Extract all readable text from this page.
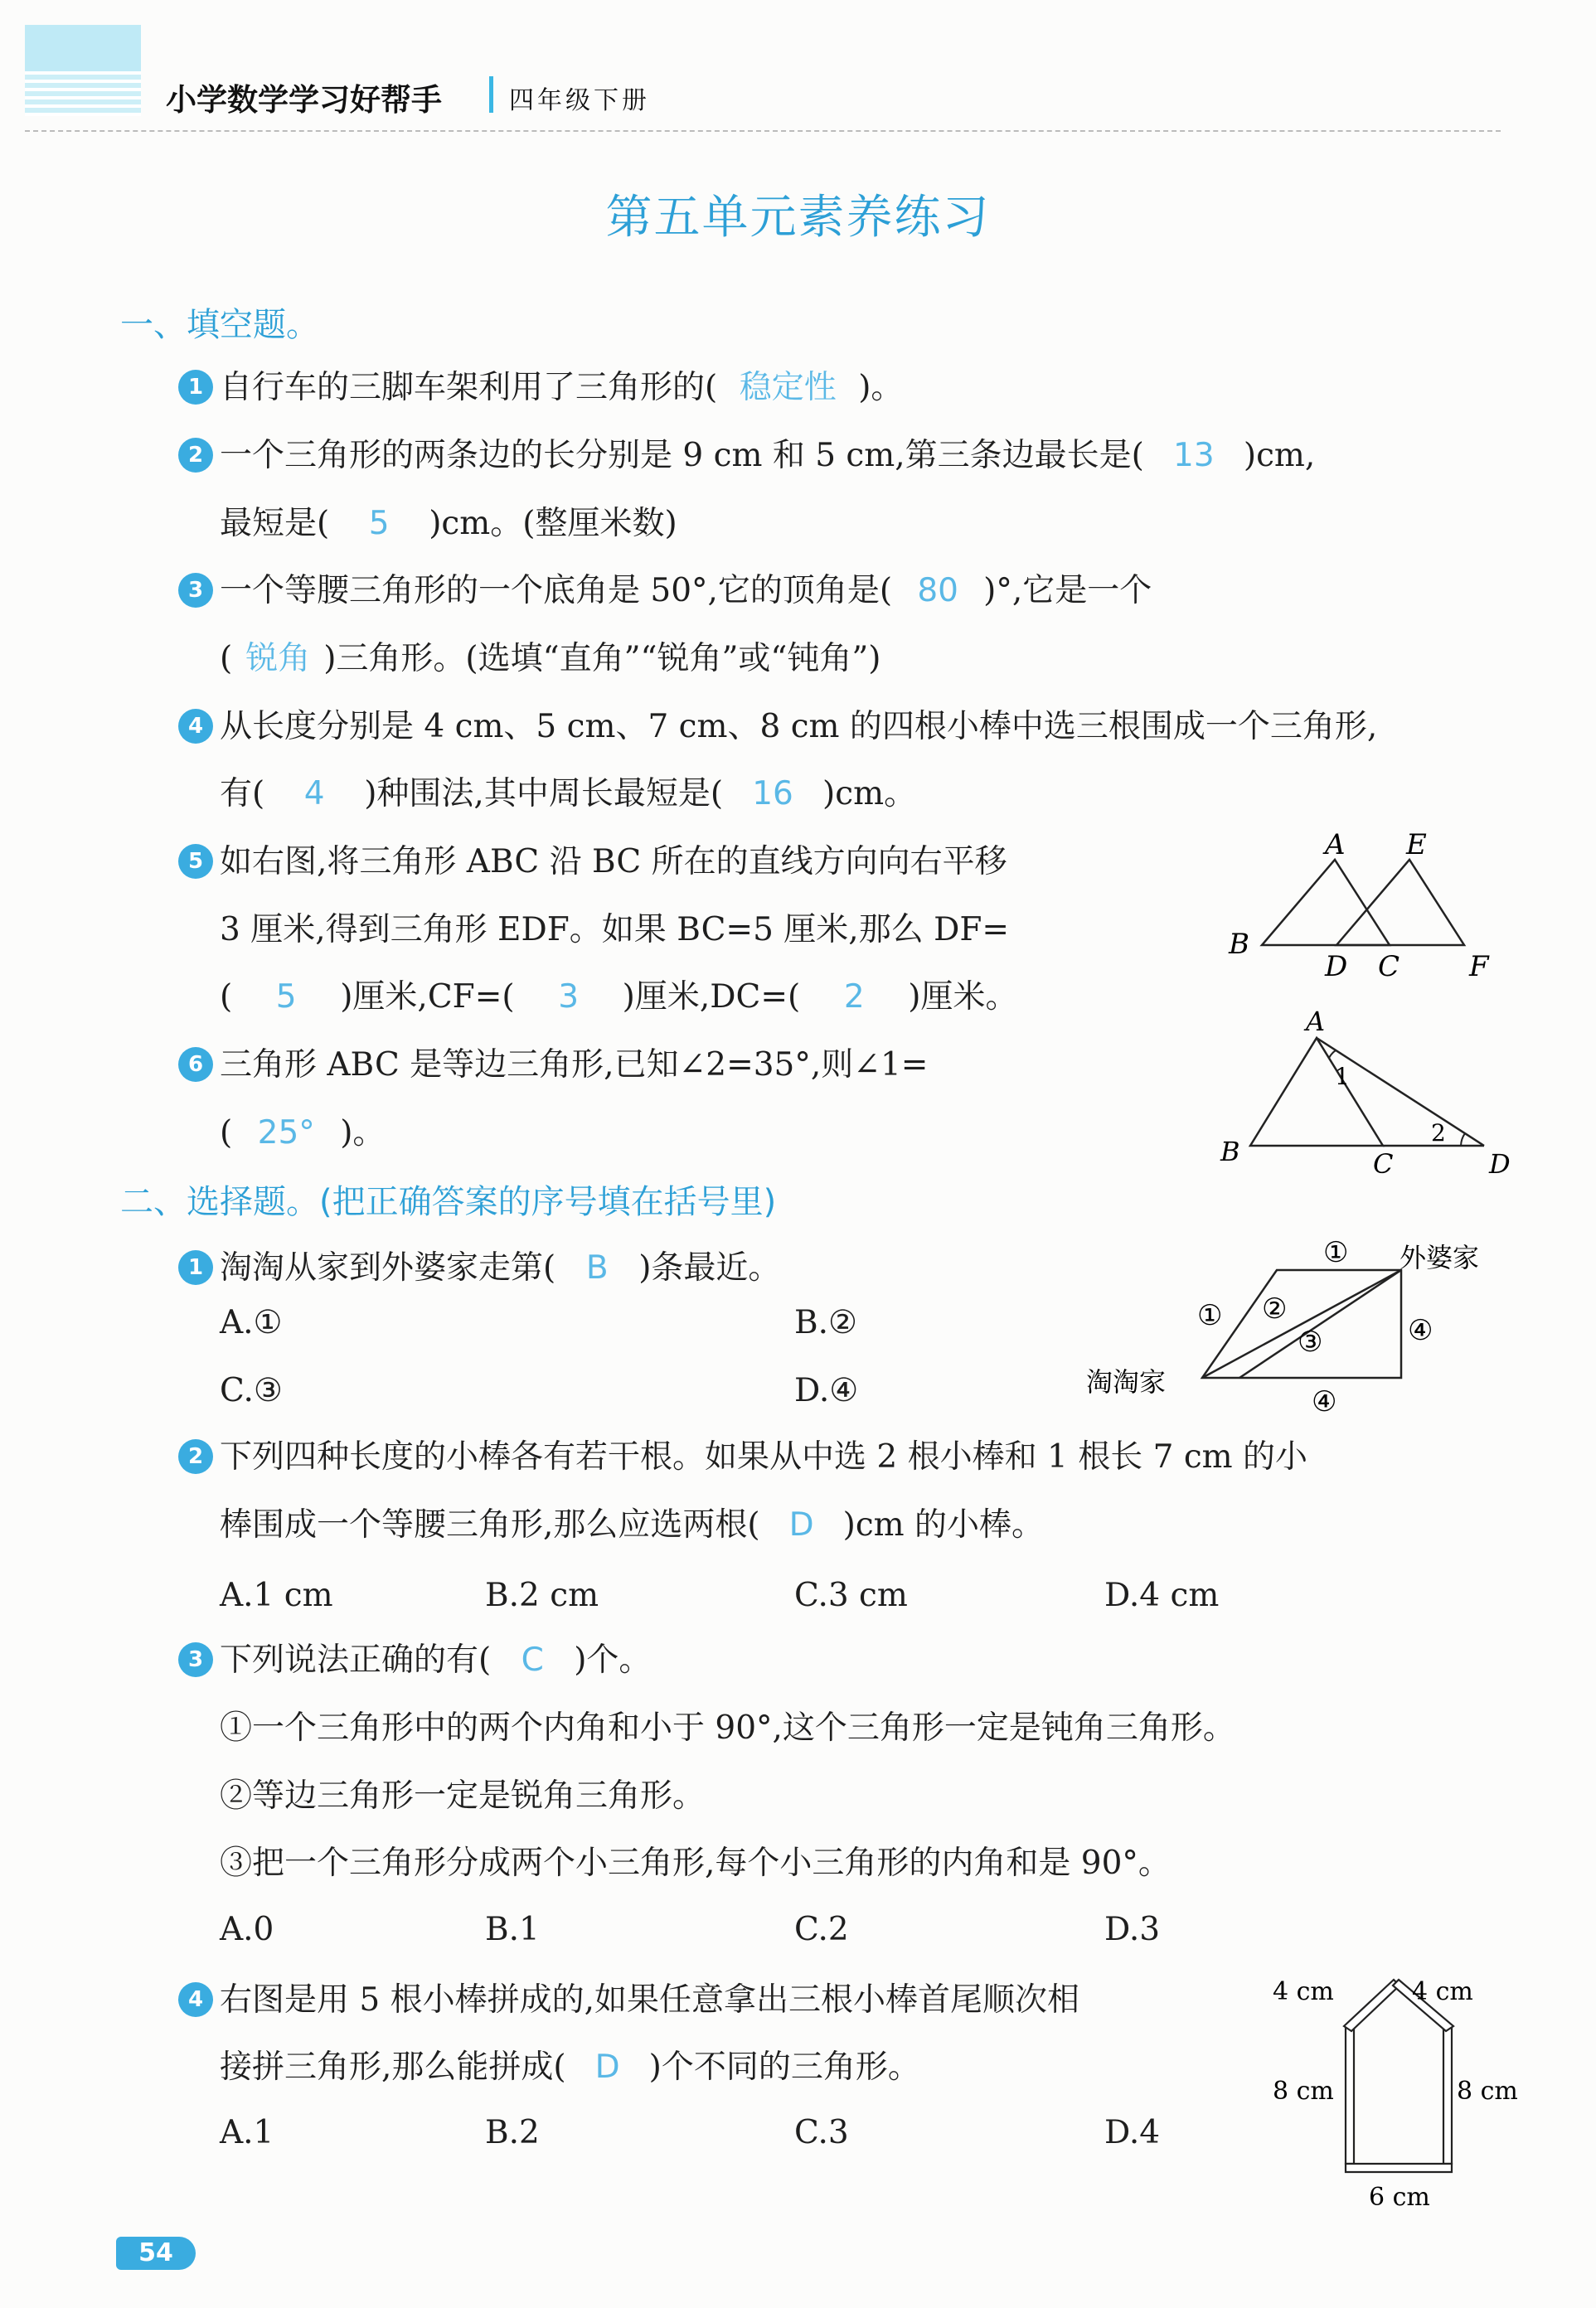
小学数学学习好帮手	四年级下册
第五单元素养练习
一、填空题。
1 自行车的三脚车架利用了三角形的( 稳定性 )。
2 一个三角形的两条边的长分别是 9 cm 和 5 cm,第三条边最长是( 13 )cm,
最短是( 5 )cm。(整厘米数)
3 一个等腰三角形的一个底角是 50°,它的顶角是( 80 )°,它是一个
( 锐角 )三角形。(选填“直角”“锐角”或“钝角”)
4 从长度分别是 4 cm、5 cm、7 cm、8 cm 的四根小棒中选三根围成一个三角形,
有( 4 )种围法,其中周长最短是( 16 )cm。
5 如右图,将三角形 ABC 沿 BC 所在的直线方向向右平移
3 厘米,得到三角形 EDF。如果 BC=5 厘米,那么 DF=
( 5 )厘米,CF=( 3 )厘米,DC=( 2 )厘米。
A E
B
D C F
6 三角形 ABC 是等边三角形,已知∠2=35°,则∠1=
( 25° )。
A
B	C	D
1
2
二、选择题。(把正确答案的序号填在括号里)
1 淘淘从家到外婆家走第( B )条最近。
A.①	B.②
C.③	D.④
①
① ②
③	④
④
淘淘家
外婆家
2 下列四种长度的小棒各有若干根。如果从中选 2 根小棒和 1 根长 7 cm 的小
棒围成一个等腰三角形,那么应选两根( D )cm 的小棒。
A.1 cm	B.2 cm	C.3 cm	D.4 cm
3 下列说法正确的有( C )个。
①一个三角形中的两个内角和小于 90°,这个三角形一定是钝角三角形。
②等边三角形一定是锐角三角形。
③把一个三角形分成两个小三角形,每个小三角形的内角和是 90°。
A.0	B.1	C.2	D.3
4 右图是用 5 根小棒拼成的,如果任意拿出三根小棒首尾顺次相
接拼三角形,那么能拼成( D )个不同的三角形。
A.1	B.2	C.3	D.4
4 cm	4 cm
8 cm	8 cm
6 cm
54
